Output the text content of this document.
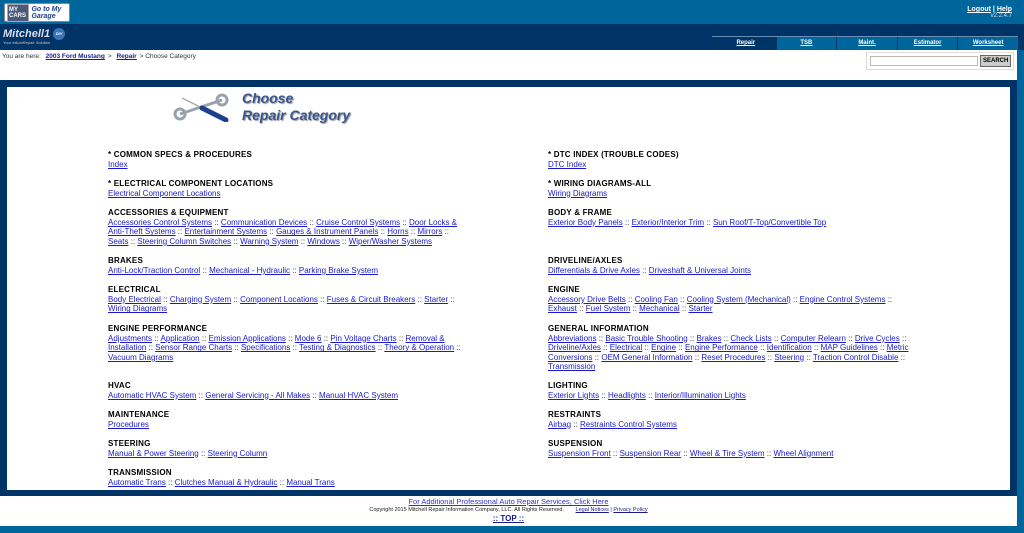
MY CARS
Go to My Garage
Logout | Help
v2.2.4.7
Mitchell1 DIY
Your eAutoRepair Solution	Repair	TSB	Maint.	Estimator	Worksheet
You are here: 2003 Ford Mustang > Repair > Choose Category
SEARCH
Choose
Repair Category
* COMMON SPECS & PROCEDURES
Index
* ELECTRICAL COMPONENT LOCATIONS
Electrical Component Locations
ACCESSORIES & EQUIPMENT
Accessories Control Systems :: Communication Devices :: Cruise Control Systems :: Door Locks & Anti-Theft Systems :: Entertainment Systems :: Gauges & Instrument Panels :: Horns :: Mirrors :: Seats :: Steering Column Switches :: Warning System :: Windows :: Wiper/Washer Systems
BRAKES
Anti-Lock/Traction Control :: Mechanical - Hydraulic :: Parking Brake System
ELECTRICAL
Body Electrical :: Charging System :: Component Locations :: Fuses & Circuit Breakers :: Starter :: Wiring Diagrams
ENGINE PERFORMANCE
Adjustments :: Application :: Emission Applications :: Mode 6 :: Pin Voltage Charts :: Removal & Installation :: Sensor Range Charts :: Specifications :: Testing & Diagnostics :: Theory & Operation :: Vacuum Diagrams
HVAC
Automatic HVAC System :: General Servicing - All Makes :: Manual HVAC System
MAINTENANCE
Procedures
STEERING
Manual & Power Steering :: Steering Column
TRANSMISSION
Automatic Trans :: Clutches Manual & Hydraulic :: Manual Trans
* DTC INDEX (TROUBLE CODES)
DTC Index
* WIRING DIAGRAMS-ALL
Wiring Diagrams
BODY & FRAME
Exterior Body Panels :: Exterior/Interior Trim :: Sun Roof/T-Top/Convertible Top
DRIVELINE/AXLES
Differentials & Drive Axles :: Driveshaft & Universal Joints
ENGINE
Accessory Drive Belts :: Cooling Fan :: Cooling System (Mechanical) :: Engine Control Systems :: Exhaust :: Fuel System :: Mechanical :: Starter
GENERAL INFORMATION
Abbreviations :: Basic Trouble Shooting :: Brakes :: Check Lists :: Computer Relearn :: Drive Cycles :: Driveline/Axles :: Electrical :: Engine :: Engine Performance :: Identification :: MAP Guidelines :: Metric Conversions :: OEM General Information :: Reset Procedures :: Steering :: Traction Control Disable :: Transmission
LIGHTING
Exterior Lights :: Headlights :: Interior/Illumination Lights
RESTRAINTS
Airbag :: Restraints Control Systems
SUSPENSION
Suspension Front :: Suspension Rear :: Wheel & Tire System :: Wheel Alignment
For Additional Professional Auto Repair Services, Click Here
Copyright 2015 Mitchell Repair Information Company, LLC. All Rights Reserved. Legal Notices | Privacy Policy
:: TOP ::
